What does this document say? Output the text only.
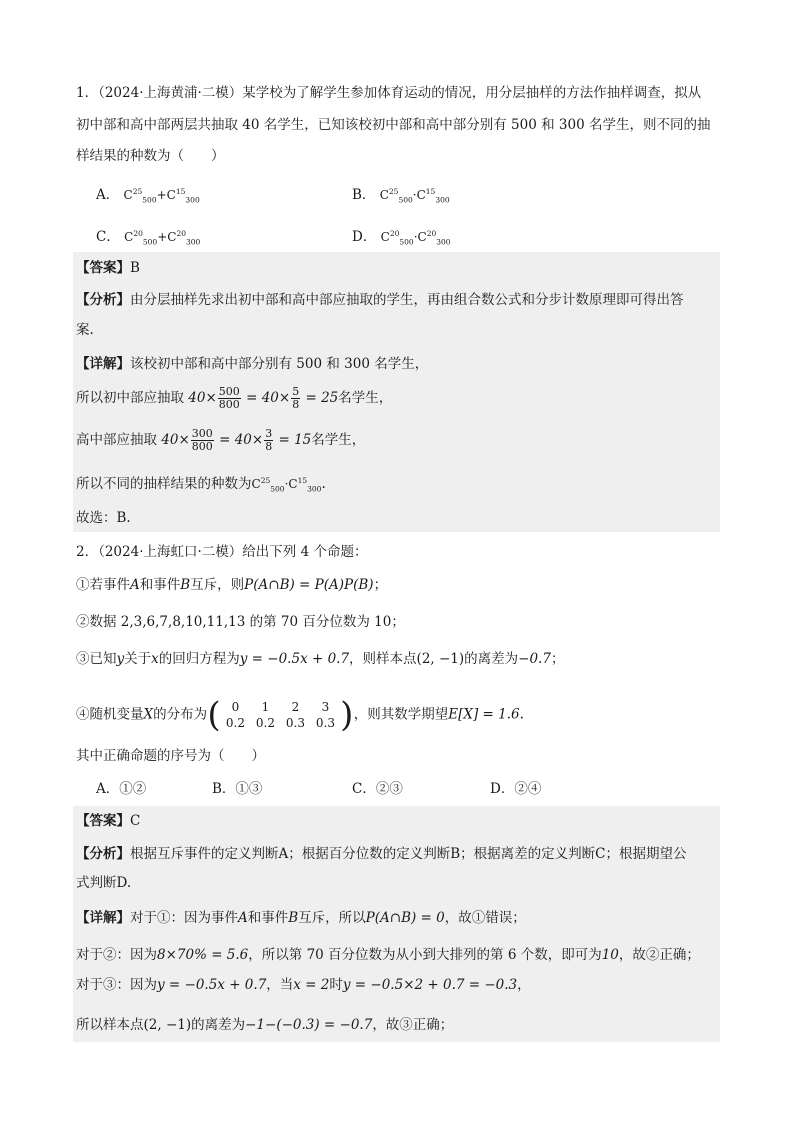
1．（2024·上海黄浦·二模）某学校为了解学生参加体育运动的情况，用分层抽样的方法作抽样调查，拟从
初中部和高中部两层共抽取 40 名学生，已知该校初中部和高中部分别有 500 和 300 名学生，则不同的抽
样结果的种数为（　　）
A． $C^{25}_{500}+C^{15}_{300}$	B． $C^{25}_{500}\cdot C^{15}_{300}$
C． $C^{20}_{500}+C^{20}_{300}$	D． $C^{20}_{500}\cdot C^{20}_{300}$
【答案】B
【分析】由分层抽样先求出初中部和高中部应抽取的学生，再由组合数公式和分步计数原理即可得出答
案.
【详解】该校初中部和高中部分别有 500 和 300 名学生，
所以初中部应抽取 $40\times \frac{500}{800} = 40\times \frac{5}{8} = 25$名学生，
高中部应抽取 $40\times \frac{300}{800} = 40\times \frac{3}{8} = 15$名学生，
所以不同的抽样结果的种数为$C^{25}_{500}\cdot C^{15}_{300}$.
故选：B.
2．（2024·上海虹口·二模）给出下列 4 个命题：
①若事件A和事件B互斥，则P(A∩B) = P(A)P(B)；
②数据 2,3,6,7,8,10,11,13 的第 70 百分位数为 10；
③已知y关于x的回归方程为y = −0.5x + 0.7，则样本点(2, −1)的离差为−0.7；
④随机变量X的分布为 ( 0 1 2 3
0.2 0.2 0.3 0.3 ) ，则其数学期望E[X] = 1.6.
其中正确命题的序号为（　　）
A．①②	B．①③	C．②③	D．②④
【答案】C
【分析】根据互斥事件的定义判断A；根据百分位数的定义判断B；根据离差的定义判断C；根据期望公
式判断D.
【详解】对于①：因为事件A和事件B互斥，所以P(A∩B) = 0，故①错误；
对于②：因为8×70% = 5.6，所以第 70 百分位数为从小到大排列的第 6 个数，即可为10，故②正确；
对于③：因为y = −0.5x + 0.7，当x = 2时y = −0.5×2 + 0.7 = −0.3，
所以样本点(2, −1)的离差为−1−(−0.3) = −0.7，故③正确；
